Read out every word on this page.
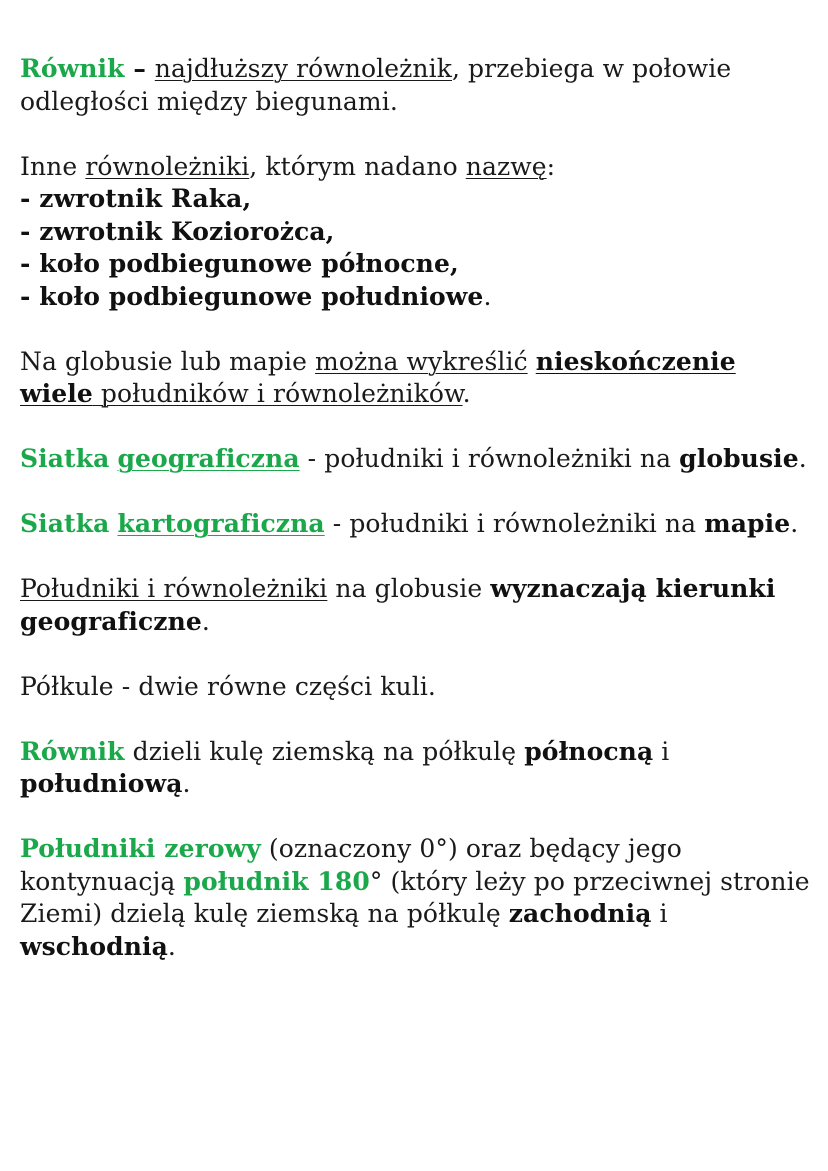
Równik – najdłuższy równoleżnik, przebiega w połowie odległości między biegunami.

Inne równoleżniki, którym nadano nazwę:
- zwrotnik Raka,
- zwrotnik Koziorożca,
- koło podbiegunowe północne,
- koło podbiegunowe południowe.

Na globusie lub mapie można wykreślić nieskończenie wiele południków i równoleżników.

Siatka geograficzna - południki i równoleżniki na globusie.

Siatka kartograficzna - południki i równoleżniki na mapie.

Południki i równoleżniki na globusie wyznaczają kierunki geograficzne.

Półkule - dwie równe części kuli.

Równik dzieli kulę ziemską na półkulę północną i południową.

Południki zerowy (oznaczony 0°) oraz będący jego kontynuacją południk 180° (który leży po przeciwnej stronie Ziemi) dzielą kulę ziemską na półkulę zachodnią i wschodnią.
